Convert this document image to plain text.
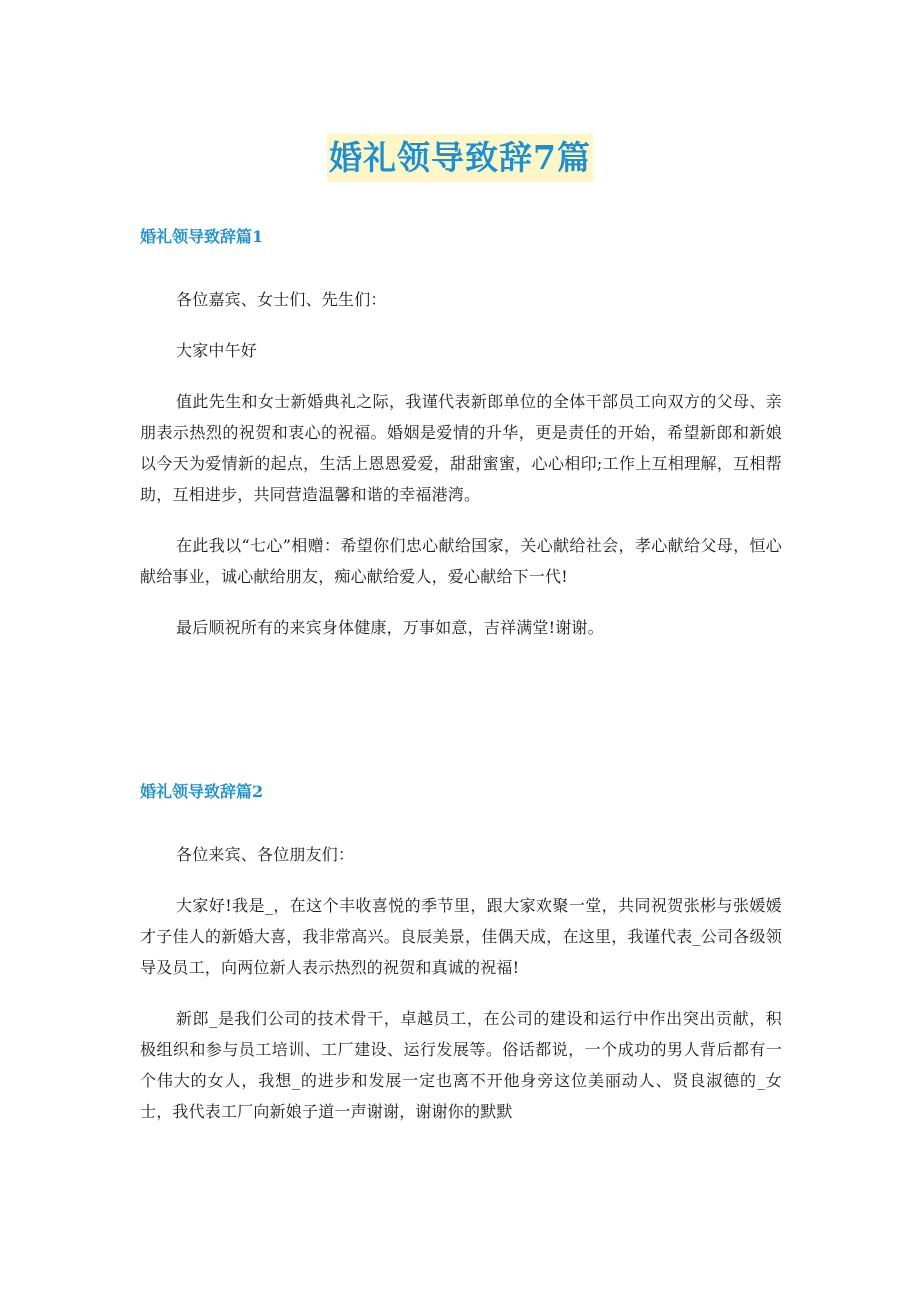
婚礼领导致辞7篇
婚礼领导致辞篇1

各位嘉宾、女士们、先生们：

大家中午好

值此先生和女士新婚典礼之际，我谨代表新郎单位的全体干部员工向双方的父母、亲朋表示热烈的祝贺和衷心的祝福。婚姻是爱情的升华，更是责任的开始，希望新郎和新娘以今天为爱情新的起点，生活上恩恩爱爱，甜甜蜜蜜，心心相印;工作上互相理解，互相帮助，互相进步，共同营造温馨和谐的幸福港湾。

在此我以“七心”相赠：希望你们忠心献给国家，关心献给社会，孝心献给父母，恒心献给事业，诚心献给朋友，痴心献给爱人，爱心献给下一代!

最后顺祝所有的来宾身体健康，万事如意，吉祥满堂!谢谢。

婚礼领导致辞篇2

各位来宾、各位朋友们：

大家好!我是_，在这个丰收喜悦的季节里，跟大家欢聚一堂，共同祝贺张彬与张媛媛才子佳人的新婚大喜，我非常高兴。良辰美景，佳偶天成，在这里，我谨代表_公司各级领导及员工，向两位新人表示热烈的祝贺和真诚的祝福!

新郎_是我们公司的技术骨干，卓越员工，在公司的建设和运行中作出突出贡献，积极组织和参与员工培训、工厂建设、运行发展等。俗话都说，一个成功的男人背后都有一个伟大的女人，我想_的进步和发展一定也离不开他身旁这位美丽动人、贤良淑德的_女士，我代表工厂向新娘子道一声谢谢，谢谢你的默默
